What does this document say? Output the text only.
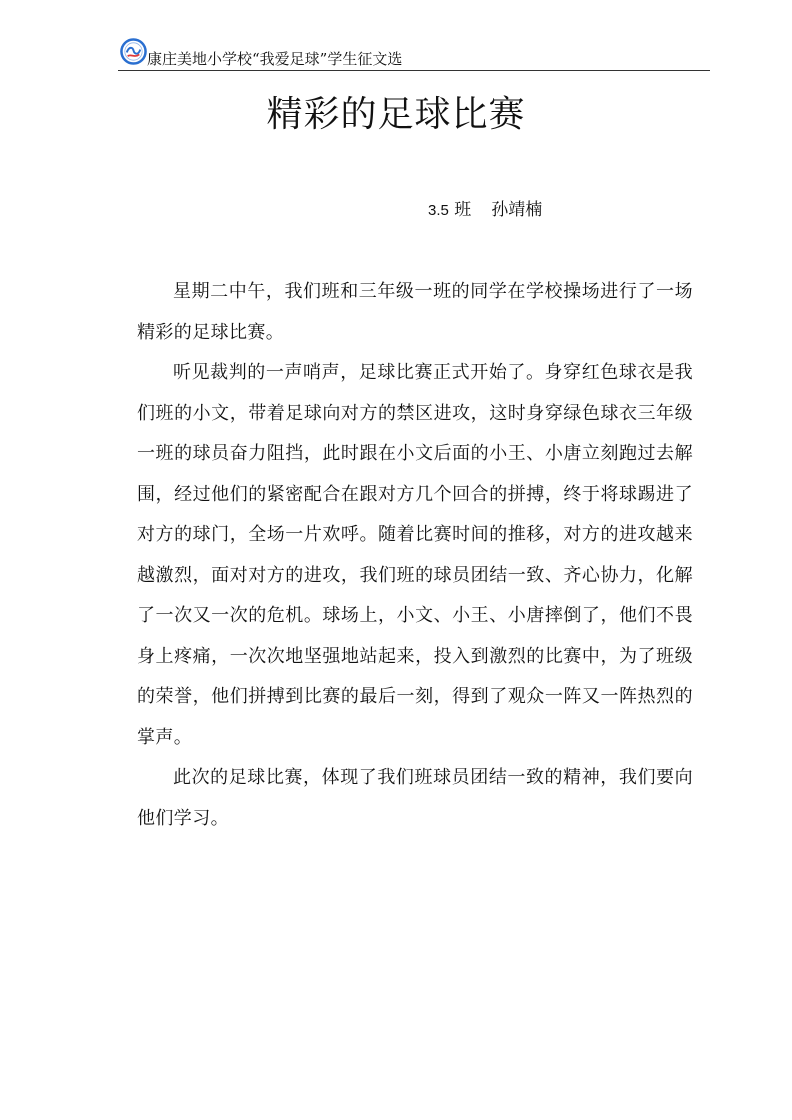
康庄美地小学校“我爱足球”学生征文选
精彩的足球比赛
3.5 班 孙靖楠

星期二中午，我们班和三年级一班的同学在学校操场进行了一场精彩的足球比赛。

听见裁判的一声哨声，足球比赛正式开始了。身穿红色球衣是我们班的小文，带着足球向对方的禁区进攻，这时身穿绿色球衣三年级一班的球员奋力阻挡，此时跟在小文后面的小王、小唐立刻跑过去解围，经过他们的紧密配合在跟对方几个回合的拼搏，终于将球踢进了对方的球门，全场一片欢呼。随着比赛时间的推移，对方的进攻越来越激烈，面对对方的进攻，我们班的球员团结一致、齐心协力，化解了一次又一次的危机。球场上，小文、小王、小唐摔倒了，他们不畏身上疼痛，一次次地坚强地站起来，投入到激烈的比赛中，为了班级的荣誉，他们拼搏到比赛的最后一刻，得到了观众一阵又一阵热烈的掌声。

此次的足球比赛，体现了我们班球员团结一致的精神，我们要向他们学习。
